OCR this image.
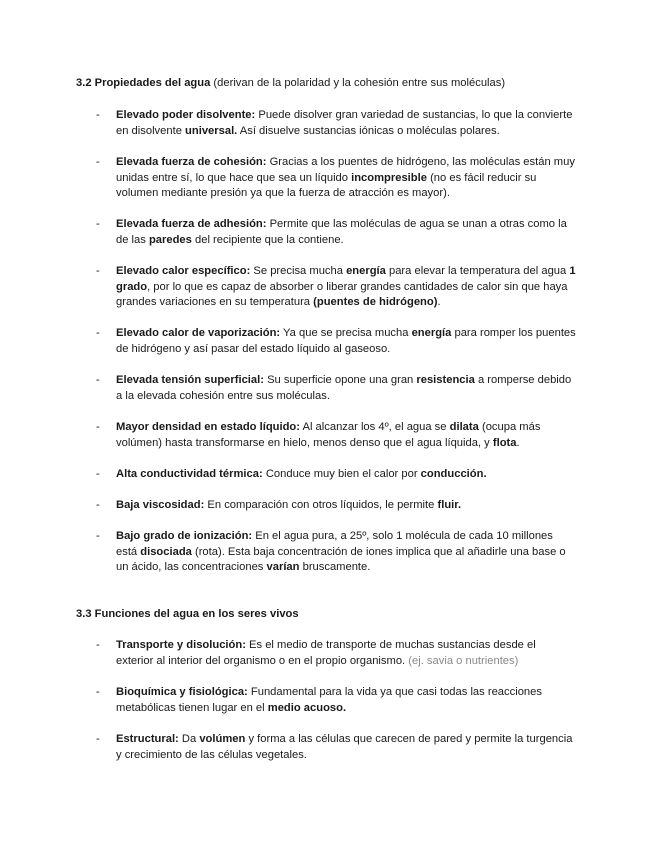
3.2 Propiedades del agua (derivan de la polaridad y la cohesión entre sus moléculas)
-	Elevado poder disolvente: Puede disolver gran variedad de sustancias, lo que la convierte en disolvente universal. Así disuelve sustancias iónicas o moléculas polares.
-	Elevada fuerza de cohesión: Gracias a los puentes de hidrógeno, las moléculas están muy unidas entre sí, lo que hace que sea un líquido incompresible (no es fácil reducir su volumen mediante presión ya que la fuerza de atracción es mayor).
-	Elevada fuerza de adhesión: Permite que las moléculas de agua se unan a otras como la de las paredes del recipiente que la contiene.
-	Elevado calor específico: Se precisa mucha energía para elevar la temperatura del agua 1 grado, por lo que es capaz de absorber o liberar grandes cantidades de calor sin que haya grandes variaciones en su temperatura (puentes de hidrógeno).
-	Elevado calor de vaporización: Ya que se precisa mucha energía para romper los puentes de hidrógeno y así pasar del estado líquido al gaseoso.
-	Elevada tensión superficial: Su superficie opone una gran resistencia a romperse debido a la elevada cohesión entre sus moléculas.
-	Mayor densidad en estado líquido: Al alcanzar los 4º, el agua se dilata (ocupa más volúmen) hasta transformarse en hielo, menos denso que el agua líquida, y flota.
-	Alta conductividad térmica: Conduce muy bien el calor por conducción.
-	Baja viscosidad: En comparación con otros líquidos, le permite fluir.
-	Bajo grado de ionización: En el agua pura, a 25º, solo 1 molécula de cada 10 millones está disociada (rota). Esta baja concentración de iones implica que al añadirle una base o un ácido, las concentraciones varían bruscamente.
3.3 Funciones del agua en los seres vivos
-	Transporte y disolución: Es el medio de transporte de muchas sustancias desde el exterior al interior del organismo o en el propio organismo. (ej. savia o nutrientes)
-	Bioquímica y fisiológica: Fundamental para la vida ya que casi todas las reacciones metabólicas tienen lugar en el medio acuoso.
-	Estructural: Da volúmen y forma a las células que carecen de pared y permite la turgencia y crecimiento de las células vegetales.
